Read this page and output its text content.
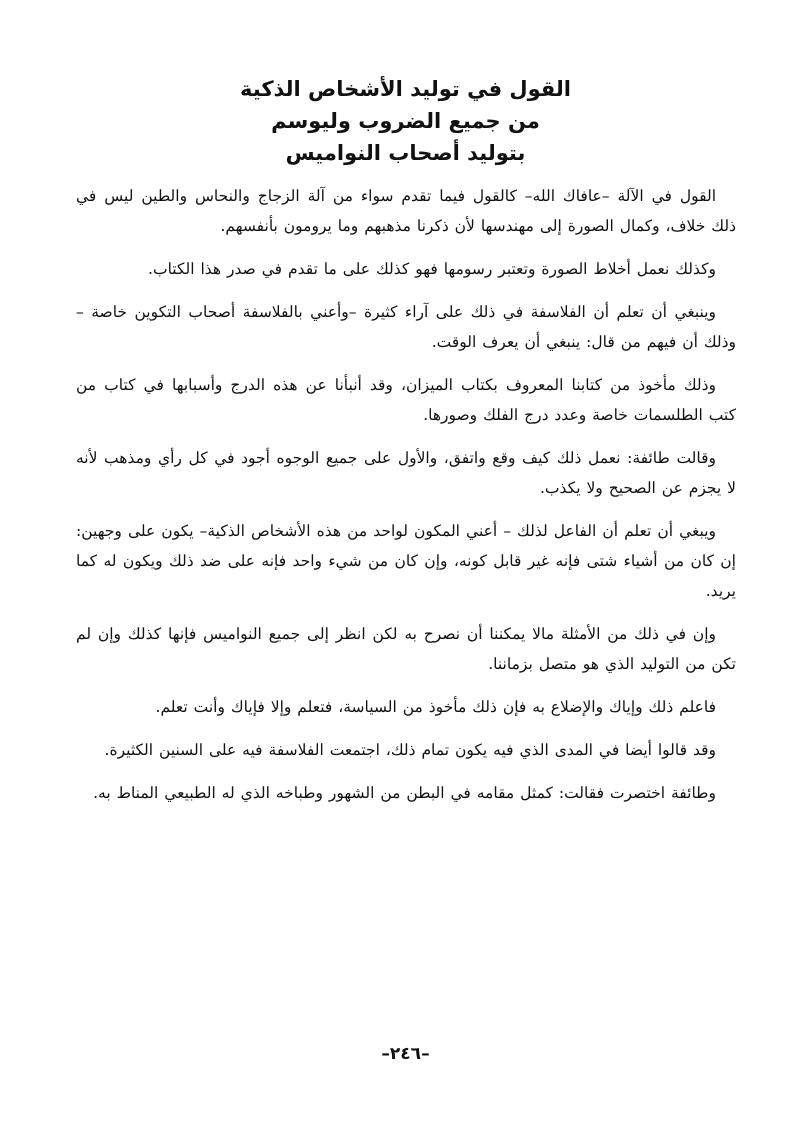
القول في توليد الأشخاص الذكية

من جميع الضروب وليوسم

بتوليد أصحاب النواميس

القول في الآلة –عافاك الله– كالقول فيما تقدم سواء من آلة الزجاج والنحاس والطين ليس في ذلك خلاف، وكمال الصورة إلى مهندسها لأن ذكرنا مذهبهم وما يرومون بأنفسهم.

وكذلك نعمل أخلاط الصورة وتعتبر رسومها فهو كذلك على ما تقدم في صدر هذا الكتاب.

وينبغي أن تعلم أن الفلاسفة في ذلك على آراء كثيرة –وأعني بالفلاسفة أصحاب التكوين خاصة –وذلك أن فيهم من قال: ينبغي أن يعرف الوقت.

وذلك مأخوذ من كتابنا المعروف بكتاب الميزان، وقد أنبأنا عن هذه الدرج وأسبابها في كتاب من كتب الطلسمات خاصة وعدد درج الفلك وصورها.

وقالت طائفة: نعمل ذلك كيف وقع واتفق، والأول على جميع الوجوه أجود في كل رأي ومذهب لأنه لا يجزم عن الصحيح ولا يكذب.

ويبغي أن تعلم أن الفاعل لذلك – أعني المكون لواحد من هذه الأشخاص الذكية– يكون على وجهين: إن كان من أشياء شتى فإنه غير قابل كونه، وإن كان من شيء واحد فإنه على ضد ذلك ويكون له كما يريد.

وإن في ذلك من الأمثلة مالا يمكننا أن نصرح به لكن انظر إلى جميع النواميس فإنها كذلك وإن لم تكن من التوليد الذي هو متصل بزماننا.

فاعلم ذلك وإياك والإضلاع به فإن ذلك مأخوذ من السياسة، فتعلم وإلا فإياك وأنت تعلم.

وقد قالوا أيضا في المدى الذي فيه يكون تمام ذلك، اجتمعت الفلاسفة فيه على السنين الكثيرة.

وطائفة اختصرت فقالت: كمثل مقامه في البطن من الشهور وطباخه الذي له الطبيعي المناط به.

–٢٤٦–
